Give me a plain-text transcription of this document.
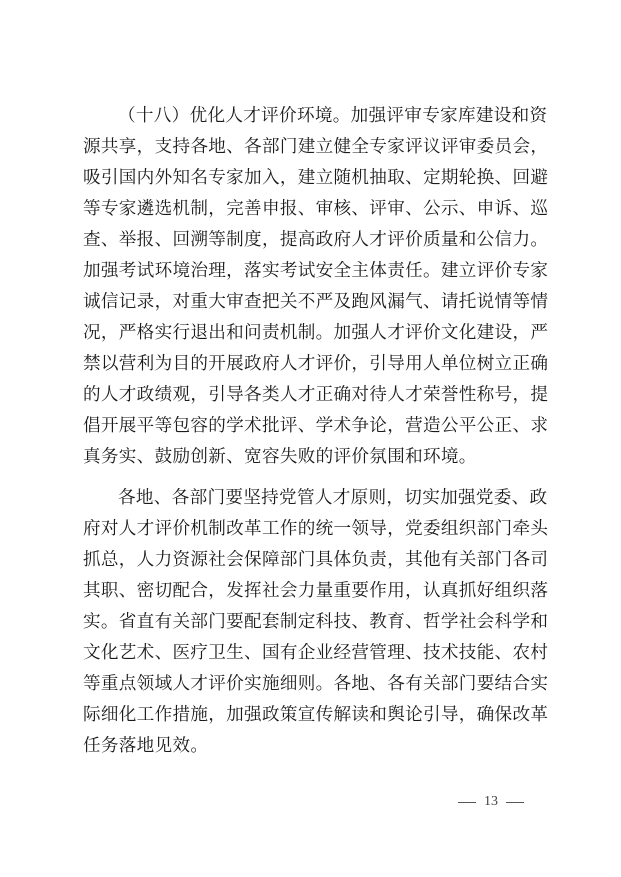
（十八）优化人才评价环境。加强评审专家库建设和资
源共享，支持各地、各部门建立健全专家评议评审委员会，
吸引国内外知名专家加入，建立随机抽取、定期轮换、回避
等专家遴选机制，完善申报、审核、评审、公示、申诉、巡
查、举报、回溯等制度，提高政府人才评价质量和公信力。
加强考试环境治理，落实考试安全主体责任。建立评价专家
诚信记录，对重大审查把关不严及跑风漏气、请托说情等情
况，严格实行退出和问责机制。加强人才评价文化建设，严
禁以营利为目的开展政府人才评价，引导用人单位树立正确
的人才政绩观，引导各类人才正确对待人才荣誉性称号，提
倡开展平等包容的学术批评、学术争论，营造公平公正、求
真务实、鼓励创新、宽容失败的评价氛围和环境。
各地、各部门要坚持党管人才原则，切实加强党委、政
府对人才评价机制改革工作的统一领导，党委组织部门牵头
抓总，人力资源社会保障部门具体负责，其他有关部门各司
其职、密切配合，发挥社会力量重要作用，认真抓好组织落
实。省直有关部门要配套制定科技、教育、哲学社会科学和
文化艺术、医疗卫生、国有企业经营管理、技术技能、农村
等重点领域人才评价实施细则。各地、各有关部门要结合实
际细化工作措施，加强政策宣传解读和舆论引导，确保改革
任务落地见效。
13
